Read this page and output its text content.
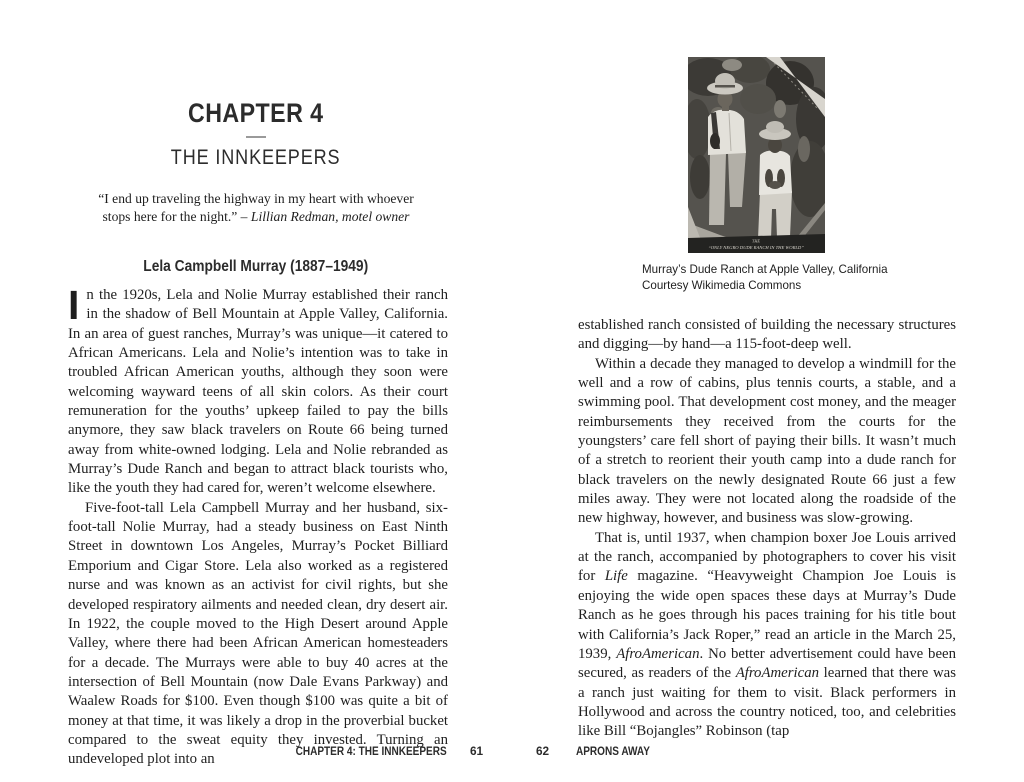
CHAPTER 4
THE INNKEEPERS
“I end up traveling the highway in my heart with whoever
stops here for the night.” – Lillian Redman, motel owner
Lela Campbell Murray (1887–1949)

In the 1920s, Lela and Nolie Murray established their ranch in the shadow of Bell Mountain at Apple Valley, California. In an area of guest ranches, Murray’s was unique—it catered to African Americans. Lela and Nolie’s intention was to take in troubled African American youths, although they soon were welcoming wayward teens of all skin colors. As their court remuneration for the youths’ upkeep failed to pay the bills anymore, they saw black travelers on Route 66 being turned away from white-owned lodging. Lela and Nolie rebranded as Murray’s Dude Ranch and began to attract black tourists who, like the youth they had cared for, weren’t welcome elsewhere.

Five-foot-tall Lela Campbell Murray and her husband, six-foot-tall Nolie Murray, had a steady business on East Ninth Street in downtown Los Angeles, Murray’s Pocket Billiard Emporium and Cigar Store. Lela also worked as a registered nurse and was known as an activist for civil rights, but she developed respiratory ailments and needed clean, dry desert air. In 1922, the couple moved to the High Desert around Apple Valley, where there had been African American homesteaders for a decade. The Murrays were able to buy 40 acres at the intersection of Bell Mountain (now Dale Evans Parkway) and Waalew Roads for $100. Even though $100 was quite a bit of money at that time, it was likely a drop in the proverbial bucket compared to the sweat equity they invested. Turning an undeveloped plot into an

CHAPTER 4: THE INNKEEPERS 61
THE
“ONLY NEGRO DUDE RANCH IN THE WORLD”
Murray’s Dude Ranch at Apple Valley, California
Courtesy Wikimedia Commons

established ranch consisted of building the necessary structures and digging—by hand—a 115-foot-deep well.

Within a decade they managed to develop a windmill for the well and a row of cabins, plus tennis courts, a stable, and a swimming pool. That development cost money, and the meager reimbursements they received from the courts for the youngsters’ care fell short of paying their bills. It wasn’t much of a stretch to reorient their youth camp into a dude ranch for black travelers on the newly designated Route 66 just a few miles away. They were not located along the roadside of the new highway, however, and business was slow-growing.

That is, until 1937, when champion boxer Joe Louis arrived at the ranch, accompanied by photographers to cover his visit for Life magazine. “Heavyweight Champion Joe Louis is enjoying the wide open spaces these days at Murray’s Dude Ranch as he goes through his paces training for his title bout with California’s Jack Roper,” read an article in the March 25, 1939, AfroAmerican. No better advertisement could have been secured, as readers of the AfroAmerican learned that there was a ranch just waiting for them to visit. Black performers in Hollywood and across the country noticed, too, and celebrities like Bill “Bojangles” Robinson (tap

62 APRONS AWAY
